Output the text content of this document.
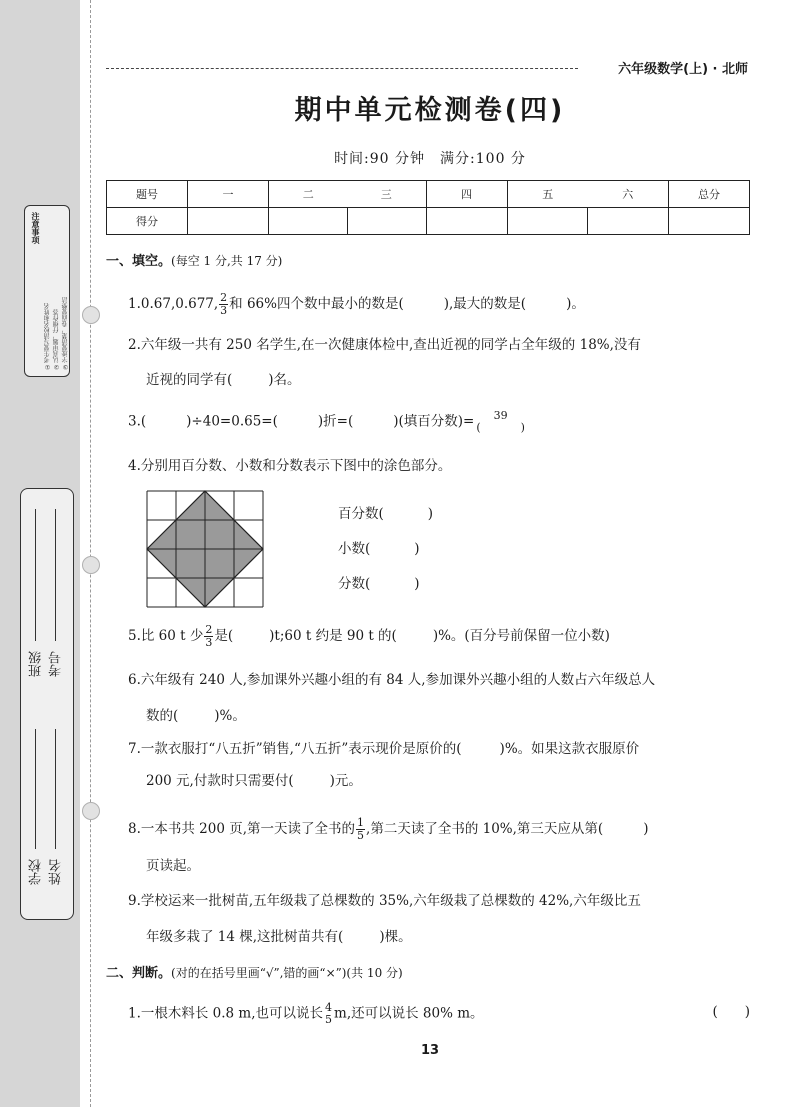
注意事项
①考生要写清校名和姓名 ②认真审题，仔细作答 ③字迹要清楚，卷面要整洁
学校 姓名
班级 考号
六年级数学(上) · 北师
期中单元检测卷(四)
时间:90 分钟　满分:100 分
题号	一	二 三		四	五 六		总分
得分							
一、填空。(每空 1 分,共 17 分)
1.0.67,0.677, $\frac{2}{3}$ 和 66%四个数中最小的数是(	),最大的数是(	)。
2.六年级一共有 250 名学生,在一次健康体检中,查出近视的同学占全年级的 18%,没有
近视的同学有(	)名。
3.(	)÷40=0.65=(	)折=(	)(填百分数)=	39
(	)
4.分别用百分数、小数和分数表示下图中的涂色部分。
百分数(	)
小数(	)
分数(	)
5.比 60 t 少 $\frac{2}{3}$ 是(	)t;60 t 约是 90 t 的(	)%。(百分号前保留一位小数)
6.六年级有 240 人,参加课外兴趣小组的有 84 人,参加课外兴趣小组的人数占六年级总人
数的(	)%。
7.一款衣服打“八五折”销售,“八五折”表示现价是原价的(	)%。如果这款衣服原价
200 元,付款时只需要付(	)元。
8.一本书共 200 页,第一天读了全书的 $\frac{1}{5}$ ,第二天读了全书的 10%,第三天应从第(	)
页读起。
9.学校运来一批树苗,五年级栽了总棵数的 35%,六年级栽了总棵数的 42%,六年级比五
年级多栽了 14 棵,这批树苗共有(	)棵。
二、判断。(对的在括号里画“√”,错的画“×”)(共 10 分)
1.一根木料长 0.8 m,也可以说长 4
5 m,还可以说长 80% m。	(　　)
13
